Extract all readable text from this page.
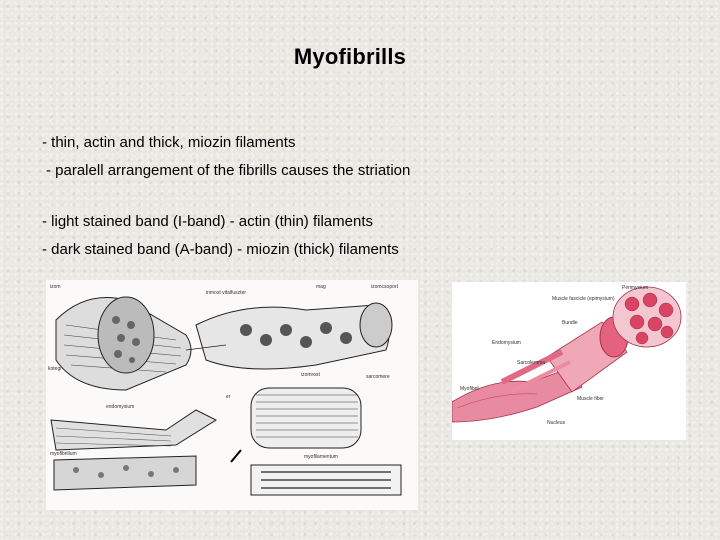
Myofibrills
- thin, actin and thick, miozin filaments
- paralell arrangement of the fibrills causes the striation
- light stained band (I-band) - actin (thin) filaments
- dark stained band (A-band) - miozin (thick) filaments
izom	izomcsoport
inmost vitalfuszter
mag
izomrost	sarcomere
kotegi
er
endomysium
myofilamentum
myofibrillum
Muscle fascicle (epimysium)
Perimysium
Bundle
Endomysium
Sarcolemma
Myofibril
Muscle fiber
Nucleus
